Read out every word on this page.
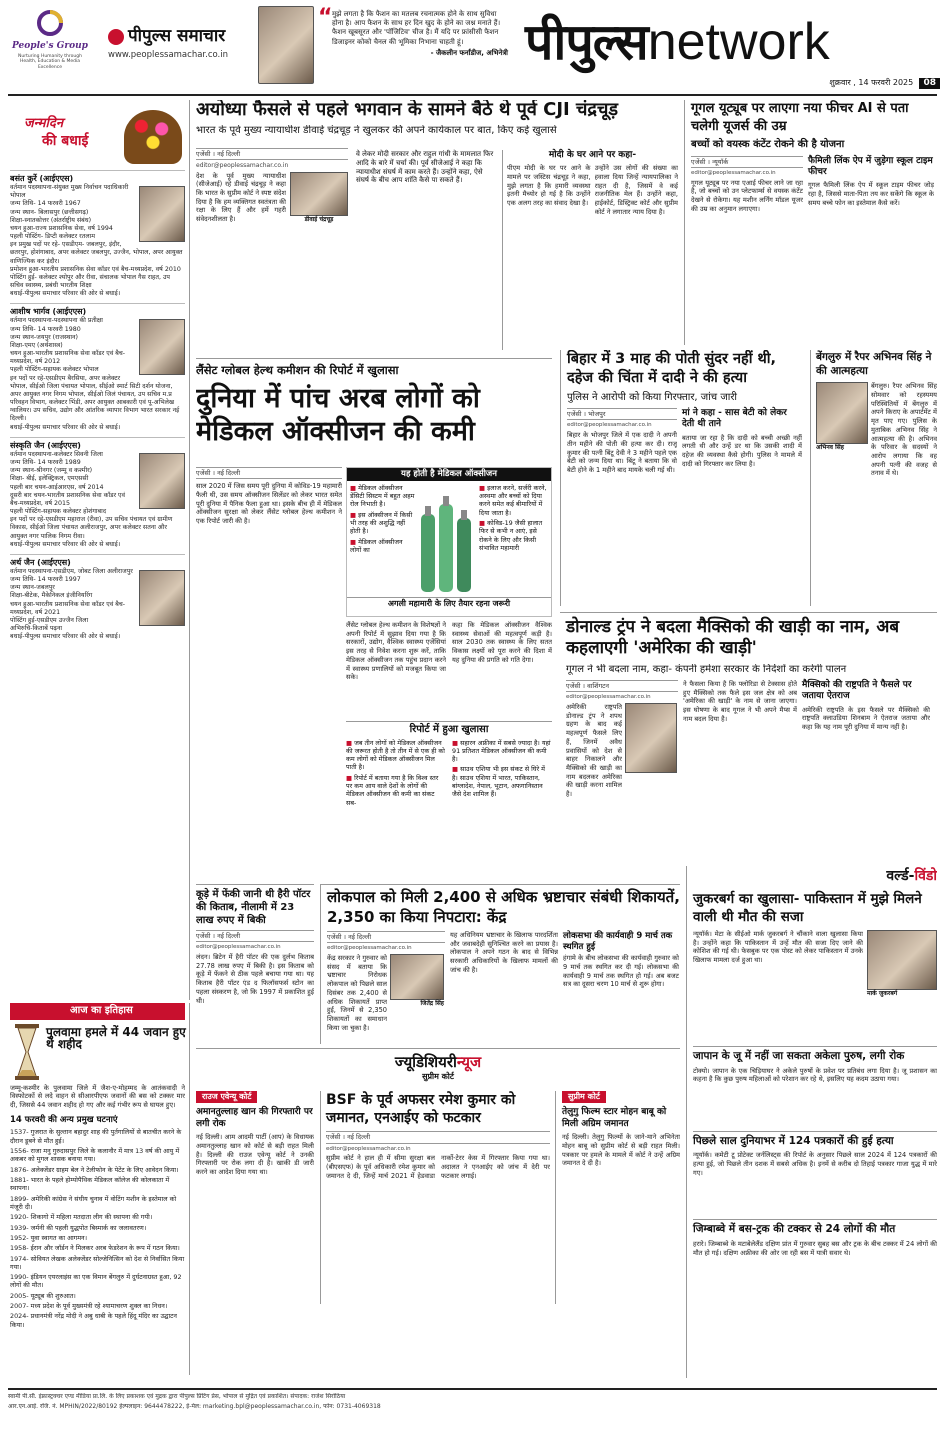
People's Group
Nurturing Humanity through Health, Education & Media Excellence
पीपुल्स समाचार
www.peoplessamachar.co.in
“ मुझे लगता है कि फैशन का मतलब रचनात्मक होने के साथ सुविधा होना है। आप फैशन के साथ हर दिन खुद के होने का जश्न मनाते हैं। फैशन खूबसूरत और 'पॉजिटिव' चीज है। मैं यदि पर फ्रांसीसी फैशन डिजाइनर कोको चैनल की भूमिका निभाना चाहती हूं।
- जैकलीन फर्नांडीज, अभिनेत्री पीपुल्सnetwork
शुक्रवार , 14 फरवरी 2025 08
जन्मदिन
की बधाई
बसंत कुर्रे (आईएएस)
वर्तमान पदस्थापना-संयुक्त मुख्य निर्वाचन पदाधिकारी भोपाल
जन्म तिथि- 14 फरवरी 1967
जन्म स्थान- बिलासपुर (छत्तीसगढ़)
शिक्षा-स्नातकोत्तर (अंतर्राष्ट्रीय संबंध)
चयन हुआ-राज्य प्रशासनिक सेवा, वर्ष 1994
पहली पोस्टिंग- डिप्टी कलेक्टर रतलाम
इन प्रमुख पदों पर रहे- एसडीएम- जबलपुर, इंदौर, छतरपुर, होशंगाबाद, अपर कलेक्टर जबलपुर, उज्जैन, भोपाल, अपर आयुक्त वाणिज्यिक कर इंदौर।
प्रमोशन हुआ-भारतीय प्रशासनिक सेवा कॉडर एवं बैच-मध्यप्रदेश, वर्ष 2010
पोस्टिंग हुई- कलेक्टर श्योपुर और रीवा, संचालक भोपाल गैस राहत, उप सचिव स्वास्थ्य, प्रबंधी भारतीय शिक्षा
बधाई-पीपुल्स समाचार परिवार की ओर से बधाई।
आशीष भार्गव (आईएएस)
वर्तमान पदस्थापना-पदस्थापना की प्रतीक्षा
जन्म तिथि- 14 फरवरी 1980
जन्म स्थान-जयपुर (राजस्थान)
शिक्षा-एमए (अर्थशास्त्र)
चयन हुआ-भारतीय प्रशासनिक सेवा कॉडर एवं बैच-मध्यप्रदेश, वर्ष 2012
पहली पोस्टिंग-सहायक कलेक्टर भोपाल
इन पदों पर रहे-एसडीएम बैरसिया, अपर कलेक्टर भोपाल, सीईओ जिला पंचायत भोपाल, सीईओ स्मार्ट सिटी दर्शन योजना, अपर आयुक्त नगर निगम भोपाल, सीईओ जिलं पंचायत, उप सचिव म.प्र परिवहन विभाग, कलेक्टर भिंडी, अपर आयुक्त आबकारी एवं पू-अभिलेख ग्वालियर। उप सचिव, उद्योग और आंतरिक व्यापार विभाग भारत सरकार नई दिल्ली।
बधाई-पीपुल्स समाचार परिवार की ओर से बधाई।
संस्कृति जैन (आईएएस)
वर्तमान पदस्थापना-कलेक्टर सिवनी जिला
जन्म तिथि- 14 फरवरी 1989
जन्म स्थान-श्रीनगर (जम्मू व कश्मीर)
शिक्षा- बीई, इलेक्ट्रिकल, एमएससी
पहली बार चयन-आईआरएस, वर्ष 2014
दूसरी बार चयन-भारतीय प्रशासनिक सेवा कॉडर एवं बैच-मध्यप्रदेश, वर्ष 2015
पहली पोस्टिंग-सहायक कलेक्टर होशंगाबाद
इन पदों पर रहे-एसडीएम महाराज (रीवा), उप सचिव पंचायत एवं ग्रामीण विकास, सीईओ जिला पंचायत अलीराजपुर, अपर कलेक्टर सतना और आयुक्त नगर पालिक निगम रीवा।
बधाई-पीपुल्स समाचार परिवार की ओर से बधाई।
अर्थ जैन (आईएएस)
वर्तमान पदस्थापना-एसडीएम, जोबट जिला अलीराजपुर
जन्म तिथि- 14 फरवरी 1997
जन्म स्थान-जबलपुर
शिक्षा-बीटेक, मैकेनिकल इंजीनियरिंग
चयन हुआ-भारतीय प्रशासनिक सेवा कॉडर एवं बैच-मध्यप्रदेश, वर्ष 2021
पोस्टिंग हुई-एसडीएम उज्जैन जिला
अभिरुचि-किताबें पढ़ना
बधाई-पीपुल्स समाचार परिवार की ओर से बधाई।
आज का इतिहास
पुलवामा हमले में 44 जवान हुए थे शहीद
जम्मू-कश्मीर के पुलवामा जिले में जैश-ए-मोहम्मद के आतंकवादी ने विस्फोटकों से लदे वाहन से सीआरपीएफ जवानों की बस को टक्कर मार दी, जिससे 44 जवान शहीद हो गए और कई गंभीर रूप से घायल हुए।
14 फरवरी की अन्य प्रमुख घटनाएं
1537- गुजरात के सुल्तान बहादुर शाह की पुर्तगालियों से बातचीत करने के दौरान डूबने से मौत हुई।
1556- राजा मनु गुरुदासपुर जिले के कलानौर में मात्र 13 वर्ष की आयु में अकबर को मुगल शासक बनाया गया।
1876- अलेक्जेंडर ग्राहम बेल ने टेलीफोन के पेटेंट के लिए आवेदन किया।
1881- भारत के पहले होम्योपैथिक मेडिकल कॉलेज की कोलकाता में स्थापना।
1899- अमेरिकी कांग्रेस ने संघीय चुनाव में वोटिंग मशीन के इस्तेमाल को मंजूरी दी।
1920- शिकागो में महिला मतदाता लीग की स्थापना की गयी।
1939- जर्मनी की पहली युद्धपोत बिस्मार्क का जलावतरण।
1952- युवा स्वागत का आगमन।
1958- ईरान और जॉर्डन ने मिलकर अरब फेडरेशन के रूप में गठन किया।
1974- सोवियत लेखक अलेक्जेंडर सोल्जेनित्सिन को देश से निर्वासित किया गया।
1990- इंडियन एयरलाइंस का एक विमान बेंगलुरु में दुर्घटनाग्रस्त हुआ, 92 लोगों की मौत।
2005- यूट्यूब की शुरुआत।
2007- मध्य प्रदेश के पूर्व मुख्यमंत्री रहे श्यामाचरण शुक्ल का निधन।
2024- प्रधानमंत्री नरेंद्र मोदी ने अबु धाबी के पहले हिंदू मंदिर का उद्घाटन किया।
अयोध्या फैसले से पहले भगवान के सामने बैठे थे पूर्व CJI चंद्रचूड़
भारत के पूर्व मुख्य न्यायाधीश डीवाई चंद्रचूड़ ने खुलकर की अपने कार्यकाल पर बात, किए कई खुलासे
एजेंसी । नई दिल्ली
editor@peoplessamachar.co.in
देश के पूर्व मुख्य न्यायाधीश (सीजेआई) रहे डीवाई चंद्रचूड़ ने कहा कि भारत के सुप्रीम कोर्ट ने स्पष्ट संदेश दिया है कि हम व्यक्तिगत स्वतंत्रता की रक्षा के लिए हैं और हमें गहरी संवेदनशीलता है।	डीवाई चंद्रचूड़
वे लेकर मोदी सरकार और राहुल गांधी के मामलात फिर आदि के बारे में चर्चा की। पूर्व सीजेआई ने कहा कि न्यायाधीश संघर्ष में काम करते हैं। उन्होंने कहा, ऐसे संघर्ष के बीच आप शांति कैसे पा सकते हैं।
मोदी के घर आने पर कहा-
पीएम मोदी के घर पर आने के मामले पर जस्टिस चंद्रचूड़ ने कहा, मुझे लगता है कि हमारी व्यवस्था इतनी मैच्योर हो गई है कि उन्होंने एक अलग तरह का संवाद देखा है।
उन्होंने उस लोगों की संख्या का हवाला दिया जिन्हें न्यायपालिका ने राहत दी है, जिसमें वे कई राजनीतिक मेल हैं। उन्होंने कहा, हाईकोर्ट, डिस्ट्रिक्ट कोर्ट और सुप्रीम कोर्ट ने लगातार न्याय दिया है।
लैंसेट ग्लोबल हेल्थ कमीशन की रिपोर्ट में खुलासा
दुनिया में पांच अरब लोगों को मेडिकल ऑक्सीजन की कमी
एजेंसी । नई दिल्ली
साल 2020 में जिस समय पूरी दुनिया में कोविड-19 महामारी फैली थी, उस समय ऑक्सीजन सिलेंडर को लेकर भारत समेत पूरी दुनिया में पैनिक फैला हुआ था। इसके बीच ही में मेडिकल ऑक्सीजन सुरक्षा को लेकर लैंसेट ग्लोबल हेल्थ कमीशन ने एक रिपोर्ट जारी की है।
यह होती है मेडिकल ऑक्सीजन
■ मेडिकल ऑक्सीजन डेंसिटी सिस्टम में बहुत अहम रोल निभाती है।
■ इस ऑक्सीजन में किसी भी तरह की अशुद्धि नहीं होती है।
■ मेडिकल ऑक्सीजन लोगों का
■ इलाज करने, सर्जरी करने, अस्थमा और बच्चों को दिया करने समेत कई बीमारियों में दिया जाता है।
■ कोविड-19 जैसी हालात फिर से कभी न आएं, इसे रोकने के लिए और किसी संभावित महामारी
अगली महामारी के लिए तैयार रहना जरूरी
लैंसेट ग्लोबल हेल्थ कमीशन के विशेषज्ञों ने अपनी रिपोर्ट में सुझाव दिया गया है कि सरकारों, उद्योग, वैश्विक स्वास्थ्य एजेंसियां इस तरह से निवेश करना शुरू करें, ताकि मेडिकल ऑक्सीजन तक पहुंच प्रदान करने में स्वास्थ्य प्रणालियों को मजबूत किया जा सके।
कहा कि मेडिकल ऑक्सीजन वैश्विक स्वास्थ्य सेवाओं की महत्वपूर्ण कड़ी है। साल 2030 तक स्वास्थ्य के लिए सतत विकास लक्ष्यों को पूरा करने की दिशा में यह दुनिया की प्रगति को गति देगा।
रिपोर्ट में हुआ खुलासा
■ जब तीन लोगों को मेडिकल ऑक्सीजन की जरूरत होती है तो तीन में से एक ही को कम लोगों को मेडिकल ऑक्सीजन मिल पाती है।
■ रिपोर्ट में बताया गया है कि विश्व स्तर पर कम आय वाले देशों के लोगों की मेडिकल ऑक्सीजन की कमी का संकट सब-
■ सहारन अफ्रीका में सबसे ज्यादा है। यहां 91 प्रतिशत मेडिकल ऑक्सीजन की कमी है।
■ साउथ एशिया भी इस संकट से घिरे में है। साउथ एशिया में भारत, पाकिस्तान, बांग्लादेश, नेपाल, भूटान, अफगानिस्तान जैसे देश शामिल हैं।
बिहार में 3 माह की पोती सुंदर नहीं थी, दहेज की चिंता में दादी ने की हत्या
पुलिस ने आरोपी को किया गिरफ्तार, जांच जारी
एजेंसी । भोजपुर
editor@peoplessamachar.co.in
बिहार के भोजपुर जिले में एक दादी ने अपनी तीन महीने की पोती की हत्या कर दी। राजू कुमार की पत्नी बिंटू देवी ने 3 महीने पहले एक बेटी को जन्म दिया था। बिंटू ने बताया कि वो बेटी होने के 1 महीने बाद मायके चली गई थी।
मां ने कहा - सास बेटी को लेकर देती थी ताने
बताया जा रहा है कि दादी को बच्ची अच्छी नहीं लगती थी और उन्हें डर था कि उसकी शादी में दहेज की व्यवस्था कैसे होगी। पुलिस ने मामले में दादी को गिरफ्तार कर लिया है।
बेंगलुरु में रैपर अभिनव सिंह ने की आत्महत्या
अभिनव सिंह
बेंगलुरु। रैपर अभिनव सिंह सोमवार को रहस्यमय परिस्थितियों में बेंगलुरु में अपने किराए के अपार्टमेंट में मृत पाए गए। पुलिस के मुताबिक अभिनव सिंह ने आत्महत्या की है। अभिनव के परिवार के सदस्यों ने आरोप लगाया कि वह अपनी पत्नी की वजह से तनाव में थे।
गूगल यूट्यूब पर लाएगा नया फीचर AI से पता चलेगी यूजर्स की उम्र
बच्चों को वयस्क कंटेंट रोकने की है योजना
एजेंसी । न्यूयॉर्क
editor@peoplessamachar.co.in
गूगल यूट्यूब पर नया एआई फीचर लाने जा रहा है, जो बच्चों को उन प्लेटफार्म्स से वयस्क कंटेंट देखने से रोकेगा। यह मशीन लर्निंग मॉडल यूजर की उम्र का अनुमान लगाएगा।
फैमिली लिंक ऐप में जुड़ेगा स्कूल टाइम फीचर
गूगल फैमिली लिंक ऐप में स्कूल टाइम फीचर जोड़ रहा है, जिससे माता-पिता तय कर सकेंगे कि स्कूल के समय बच्चे फोन का इस्तेमाल कैसे करें।
डोनाल्ड ट्रंप ने बदला मैक्सिको की खाड़ी का नाम, अब कहलाएगी 'अमेरिका की खाड़ी'
गूगल ने भी बदला नाम, कहा- कंपनी हमेशा सरकार के निर्देशों का करेगी पालन
एजेंसी । वाशिंगटन
editor@peoplessamachar.co.in
अमेरिकी राष्ट्रपति डोनाल्ड ट्रंप ने शपथ ग्रहण के बाद कई महत्वपूर्ण फैसले लिए हैं, जिनमें अवैध प्रवासियों को देश से बाहर निकालने और मैक्सिको की खाड़ी का नाम बदलकर अमेरिका की खाड़ी करना शामिल है।
ने फैसला किया है कि फ्लोरिडा से टेक्सास होते हुए मैक्सिको तक फैले इस जल क्षेत्र को अब 'अमेरिका की खाड़ी' के नाम से जाना जाएगा। इस घोषणा के बाद गूगल ने भी अपने मैप्स में नाम बदल दिया है।
मैक्सिको की राष्ट्रपति ने फैसले पर जताया ऐतराज
अमेरिकी राष्ट्रपति के इस फैसले पर मैक्सिको की राष्ट्रपति क्लाउडिया शिनबाम ने ऐतराज जताया और कहा कि यह नाम पूरी दुनिया में मान्य नहीं है।
कूड़े में फेंकी जानी थी हैरी पॉटर की किताब, नीलामी में 23 लाख रुपए में बिकी
एजेंसी । नई दिल्ली
editor@peoplessamachar.co.in
लंदन। ब्रिटेन में हैरी पॉटर की एक दुर्लभ किताब 27.78 लाख रुपए में बिकी है। इस किताब को कूड़े में फेंकने से ठीक पहले बचाया गया था। यह किताब हैरी पॉटर एंड द फिलॉसफर्स स्टोन का पहला संस्करण है, जो कि 1997 में प्रकाशित हुई थी।
लोकपाल को मिली 2,400 से अधिक भ्रष्टाचार संबंधी शिकायतें, 2,350 का किया निपटारा: केंद्र
एजेंसी । नई दिल्ली
editor@peoplessamachar.co.in
केंद्र सरकार ने गुरुवार को संसद में बताया कि भ्रष्टाचार निरोधक लोकपाल को पिछले साल दिसंबर तक 2,400 से अधिक शिकायतें प्राप्त हुईं, जिनमें से 2,350 शिकायतों का समाधान किया जा चुका है।
जितेंद्र सिंह
यह अधिनियम भ्रष्टाचार के खिलाफ पारदर्शिता और जवाबदेही सुनिश्चित करने का प्रयास है। लोकपाल ने अपने गठन के बाद से विभिन्न सरकारी अधिकारियों के खिलाफ मामलों की जांच की है।
लोकसभा की कार्यवाही 9 मार्च तक स्थगित हुई
हंगामे के बीच लोकसभा की कार्यवाही गुरुवार को 9 मार्च तक स्थगित कर दी गई। लोकसभा की कार्यवाही 9 मार्च तक स्थगित हो गई। अब बजट सत्र का दूसरा चरण 10 मार्च से शुरू होगा।
ज्यूडिशियरीन्यूज
सुप्रीम कोर्ट
राउज एवेन्यू कोर्ट
अमानतुल्लाह खान की गिरफ्तारी पर लगी रोक
नई दिल्ली। आम आदमी पार्टी (आप) के विधायक अमानतुल्लाह खान को कोर्ट से बड़ी राहत मिली है। दिल्ली की राउज एवेन्यू कोर्ट ने उनकी गिरफ्तारी पर रोक लगा दी है। खाकी डी जारी करने का आदेश दिया गया था।
BSF के पूर्व अफसर रमेश कुमार को जमानत, एनआईए को फटकार
एजेंसी । नई दिल्ली
editor@peoplessamachar.co.in
सुप्रीम कोर्ट ने हाल ही में सीमा सुरक्षा बल (बीएसएफ) के पूर्व अधिकारी रमेश कुमार को जमानत दे दी, जिन्हें मार्च 2021 में हेडवाडा नार्को-टेरर केस में गिरफ्तार किया गया था। अदालत ने एनआईए को जांच में देरी पर फटकार लगाई।
सुप्रीम कोर्ट
तेलुगु फिल्म स्टार मोहन बाबू को मिली अग्रिम जमानत
नई दिल्ली। तेलुगु फिल्मों के जाने-माने अभिनेता मोहन बाबू को सुप्रीम कोर्ट से बड़ी राहत मिली। पत्रकार पर हमले के मामले में कोर्ट ने उन्हें अग्रिम जमानत दे दी है।
वर्ल्ड-विंडो
जुकरबर्ग का खुलासा- पाकिस्तान में मुझे मिलने वाली थी मौत की सजा
न्यूयॉर्क। मेटा के सीईओ मार्क जुकरबर्ग ने चौंकाने वाला खुलासा किया है। उन्होंने कहा कि पाकिस्तान में उन्हें मौत की सजा दिए जाने की कोशिश की गई थी। फेसबुक पर एक पोस्ट को लेकर पाकिस्तान में उनके खिलाफ मामला दर्ज हुआ था।
मार्क जुकरबर्ग
जापान के जू में नहीं जा सकता अकेला पुरुष, लगी रोक
टोक्यो। जापान के एक चिड़ियाघर ने अकेले पुरुषों के प्रवेश पर प्रतिबंध लगा दिया है। जू प्रशासन का कहना है कि कुछ पुरुष महिलाओं को परेशान कर रहे थे, इसलिए यह कदम उठाया गया।
पिछले साल दुनियाभर में 124 पत्रकारों की हुई हत्या
न्यूयॉर्क। कमेटी टू प्रोटेक्ट जर्नलिस्ट्स की रिपोर्ट के अनुसार पिछले साल 2024 में 124 पत्रकारों की हत्या हुई, जो पिछले तीन दशक में सबसे अधिक है। इनमें से करीब दो तिहाई पत्रकार गाजा युद्ध में मारे गए।
जिम्बाब्वे में बस-ट्रक की टक्कर से 24 लोगों की मौत
हरारे। जिम्बाब्वे के मटाबेलेलैंड दक्षिण प्रांत में गुरुवार सुबह बस और ट्रक के बीच टक्कर में 24 लोगों की मौत हो गई। दक्षिण अफ्रीका की ओर जा रही बस में यात्री सवार थे।
स्वामी पी.सी. इंफ्रास्ट्रक्चर एण्ड मीडिया प्रा.लि. के लिए प्रकाशक एवं मुद्रक द्वारा पीपुल्स प्रिंटिंग प्रेस, भोपाल से मुद्रित एवं प्रकाशित। संपादक: राजेश सिरोठिया
आर.एन.आई. रजि. नं. MPHIN/2022/80192 हेल्पलाइन: 9644478222, ई-मेल: marketing.bpl@peoplessamachar.co.in, फोन: 0731-4069318
